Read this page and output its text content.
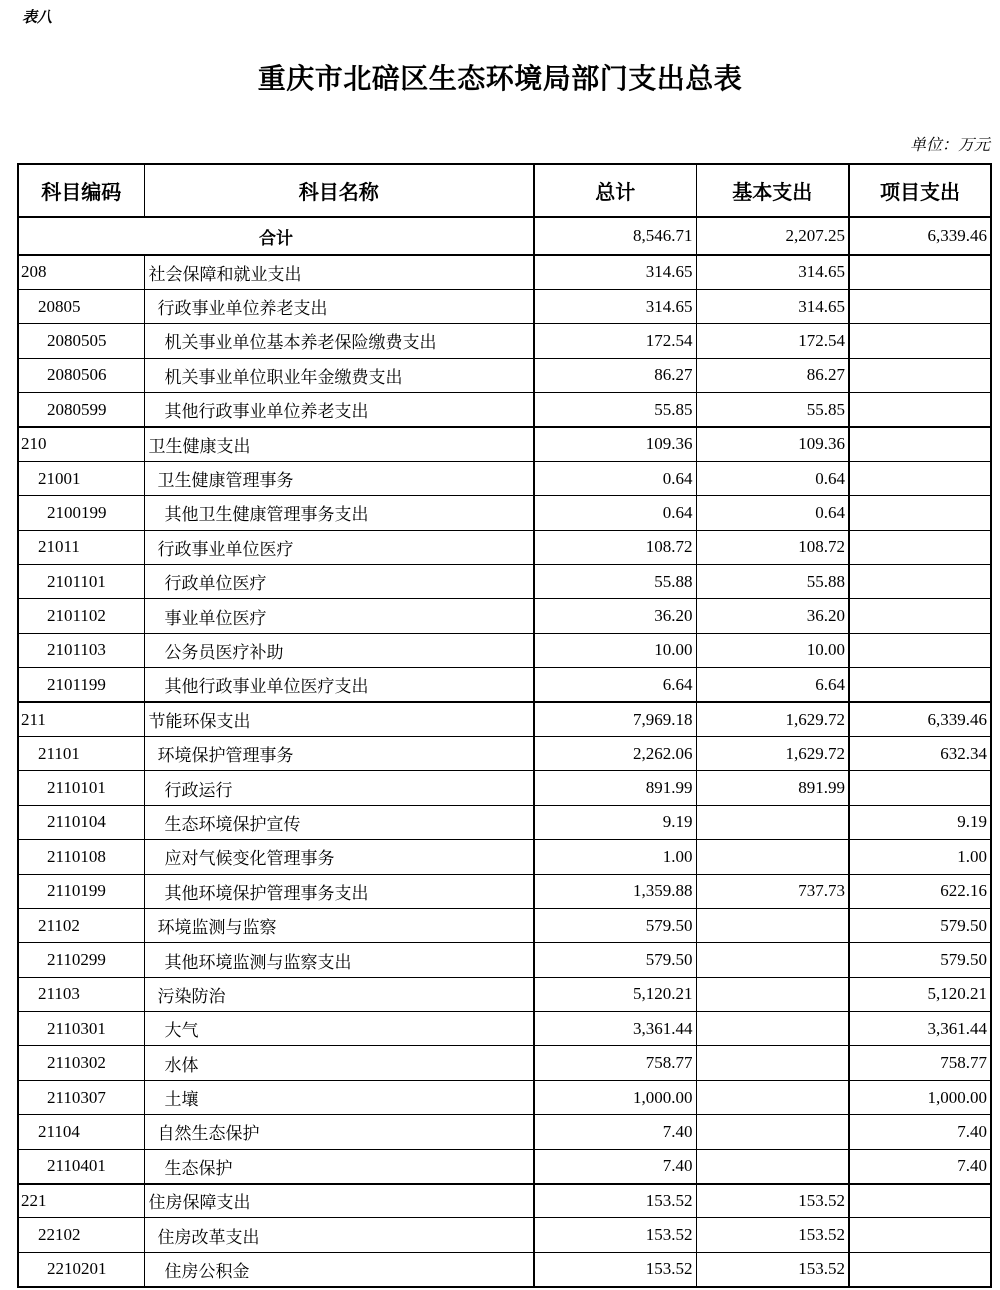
表八
重庆市北碚区生态环境局部门支出总表
单位：万元
科目编码	科目名称	总计	基本支出	项目支出
合计		8,546.71	2,207.25	6,339.46
208	社会保障和就业支出	314.65	314.65	
20805	行政事业单位养老支出	314.65	314.65	
2080505	机关事业单位基本养老保险缴费支出	172.54	172.54	
2080506	机关事业单位职业年金缴费支出	86.27	86.27	
2080599	其他行政事业单位养老支出	55.85	55.85	
210	卫生健康支出	109.36	109.36	
21001	卫生健康管理事务	0.64	0.64	
2100199	其他卫生健康管理事务支出	0.64	0.64	
21011	行政事业单位医疗	108.72	108.72	
2101101	行政单位医疗	55.88	55.88	
2101102	事业单位医疗	36.20	36.20	
2101103	公务员医疗补助	10.00	10.00	
2101199	其他行政事业单位医疗支出	6.64	6.64	
211	节能环保支出	7,969.18	1,629.72	6,339.46
21101	环境保护管理事务	2,262.06	1,629.72	632.34
2110101	行政运行	891.99	891.99	
2110104	生态环境保护宣传	9.19		9.19
2110108	应对气候变化管理事务	1.00		1.00
2110199	其他环境保护管理事务支出	1,359.88	737.73	622.16
21102	环境监测与监察	579.50		579.50
2110299	其他环境监测与监察支出	579.50		579.50
21103	污染防治	5,120.21		5,120.21
2110301	大气	3,361.44		3,361.44
2110302	水体	758.77		758.77
2110307	土壤	1,000.00		1,000.00
21104	自然生态保护	7.40		7.40
2110401	生态保护	7.40		7.40
221	住房保障支出	153.52	153.52	
22102	住房改革支出	153.52	153.52	
2210201	住房公积金	153.52	153.52	
